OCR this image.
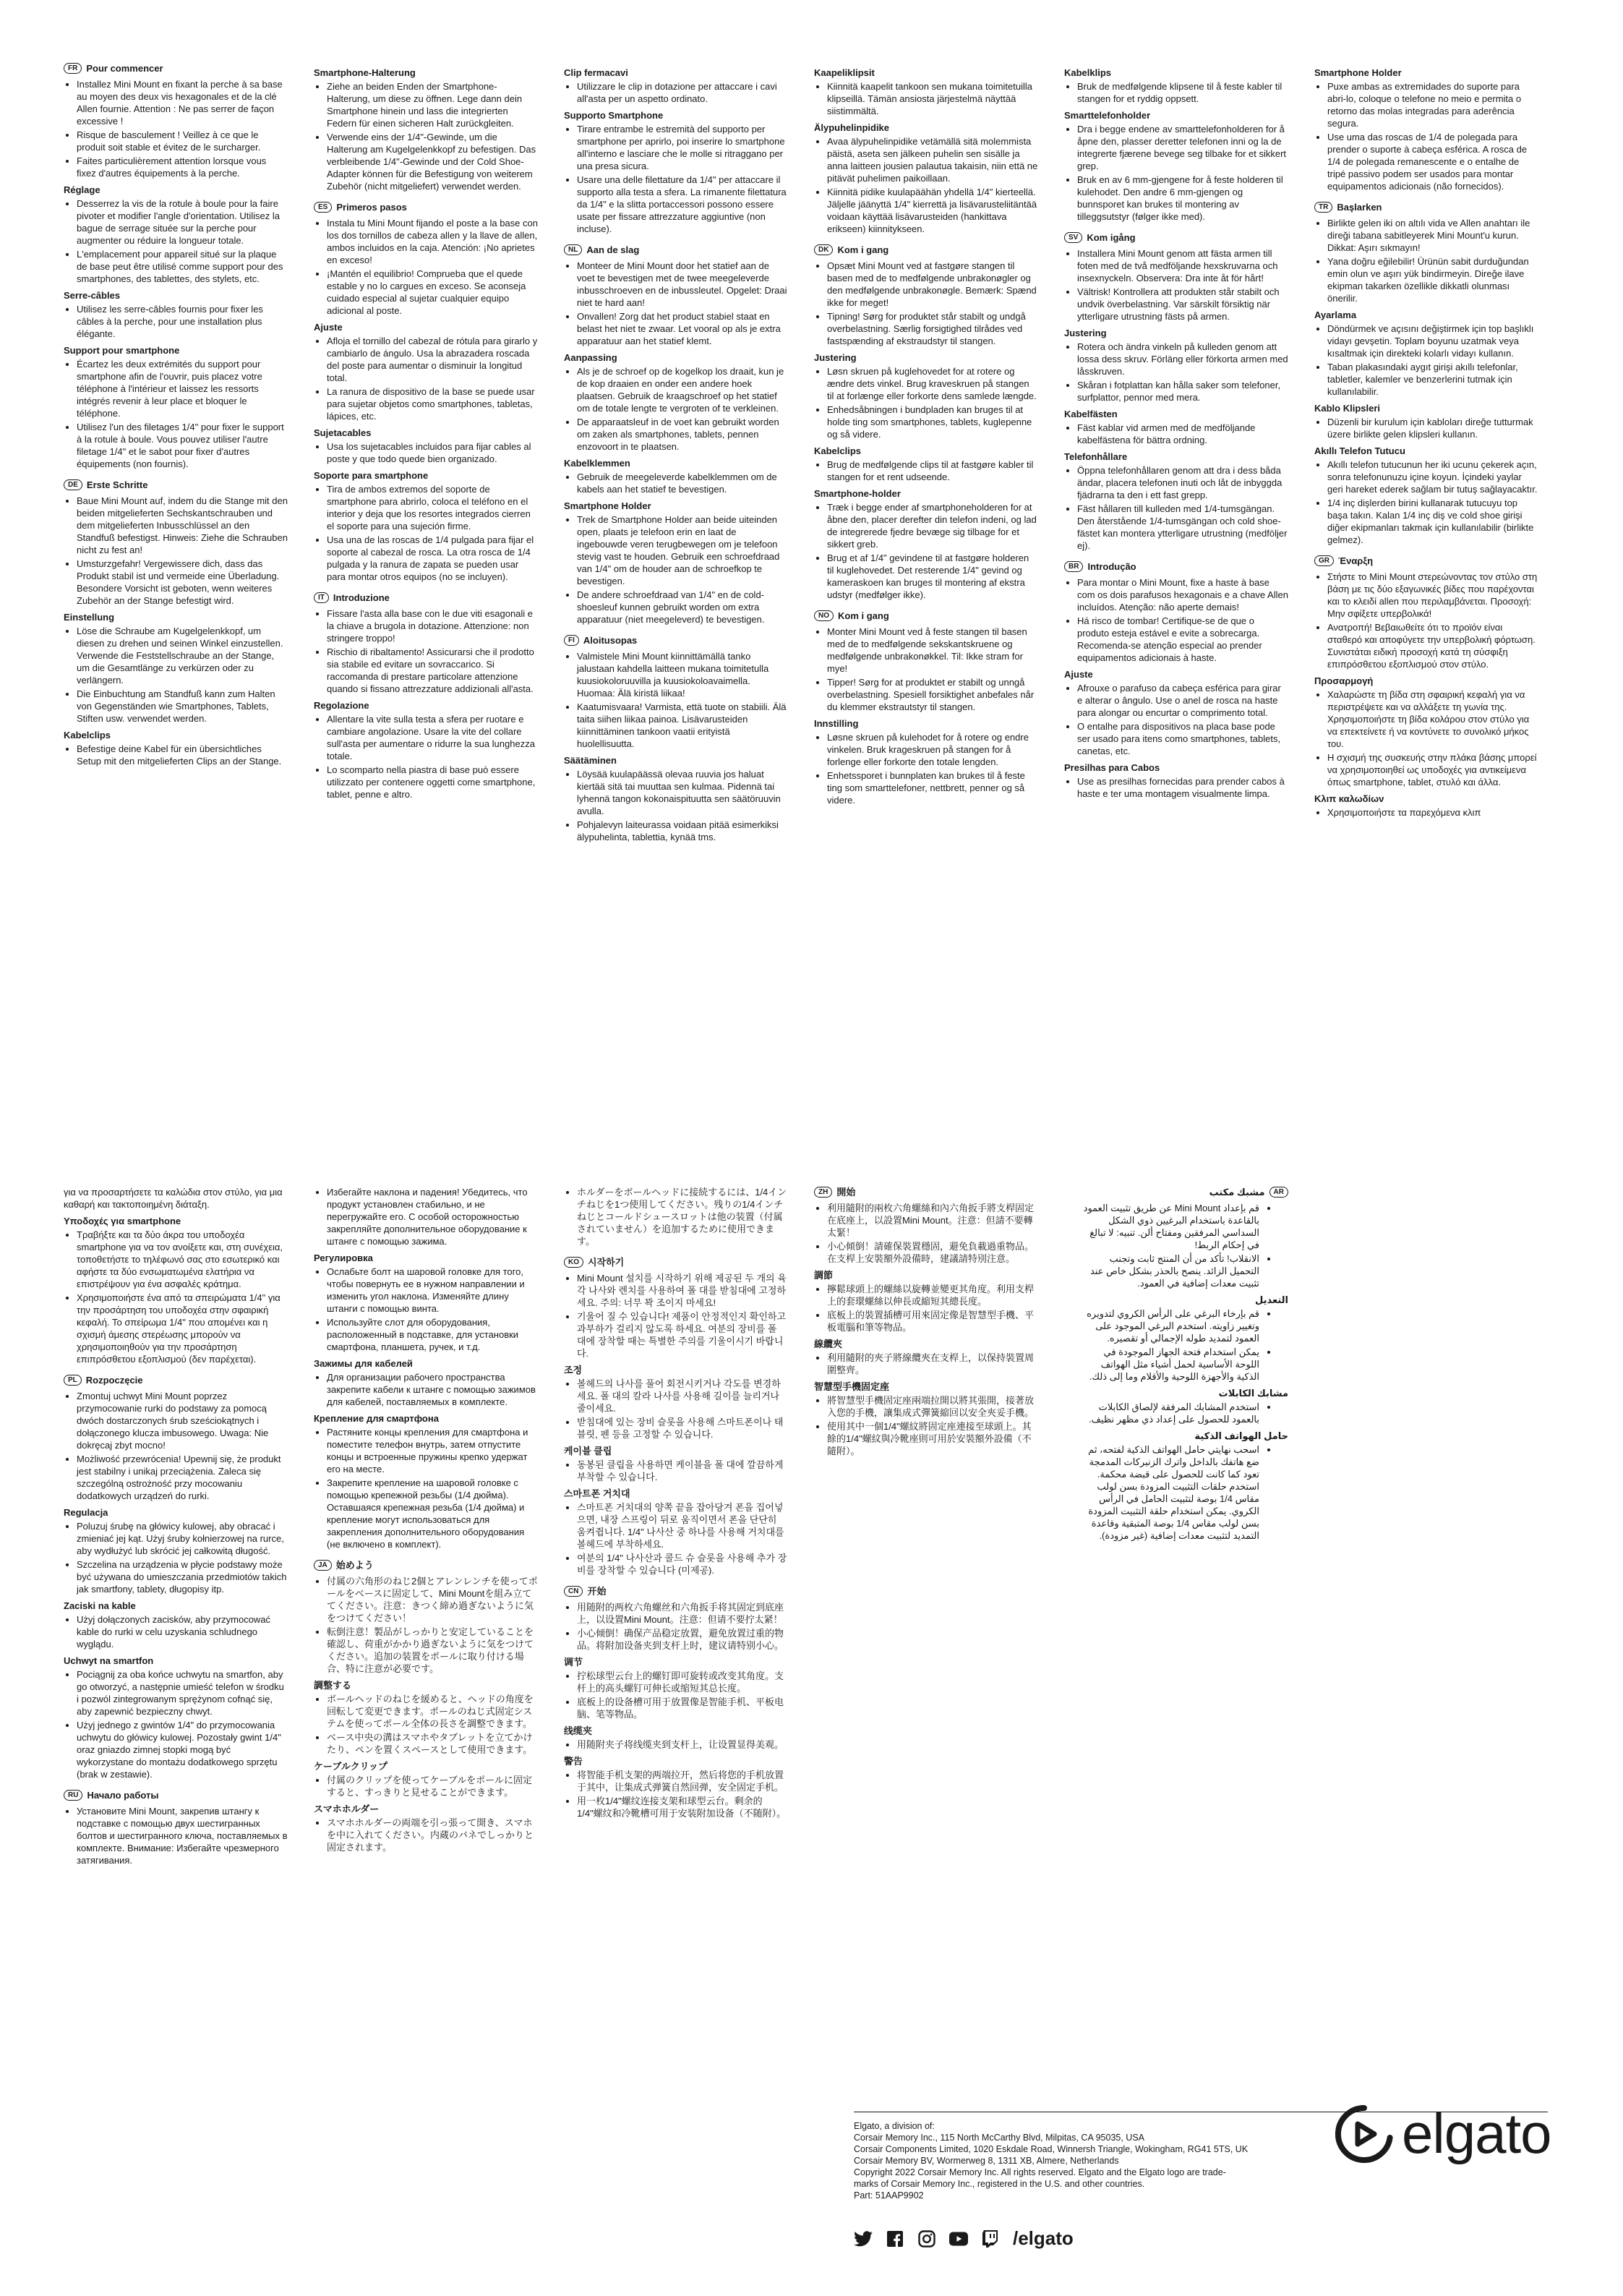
FR Pour commencer
• Installez Mini Mount en fixant la perche à sa base au moyen des deux vis hexagonales et de la clé Allen fournie. Attention : Ne pas serrer de façon excessive !
• Risque de basculement ! Veillez à ce que le produit soit stable et évitez de le surcharger.
• Faites particulièrement attention lorsque vous fixez d'autres équipements à la perche.
Réglage
• Desserrez la vis de la rotule à boule pour la faire pivoter et modifier l'angle d'orientation. Utilisez la bague de serrage située sur la perche pour augmenter ou réduire la longueur totale.
• L'emplacement pour appareil situé sur la plaque de base peut être utilisé comme support pour des smartphones, des tablettes, des stylets, etc.
Serre-câbles
• Utilisez les serre-câbles fournis pour fixer les câbles à la perche, pour une installation plus élégante.
Support pour smartphone
• Écartez les deux extrémités du support pour smartphone afin de l'ouvrir, puis placez votre téléphone à l'intérieur et laissez les ressorts intégrés revenir à leur place et bloquer le téléphone.
• Utilisez l'un des filetages 1/4" pour fixer le support à la rotule à boule. Vous pouvez utiliser l'autre filetage 1/4" et le sabot pour fixer d'autres équipements (non fournis).
DE Erste Schritte
• Baue Mini Mount auf, indem du die Stange mit den beiden mitgelieferten Sechskantschrauben und dem mitgelieferten Inbusschlüssel an den Standfuß befestigst. Hinweis: Ziehe die Schrauben nicht zu fest an!
• Umsturzgefahr! Vergewissere dich, dass das Produkt stabil ist und vermeide eine Überladung. Besondere Vorsicht ist geboten, wenn weiteres Zubehör an der Stange befestigt wird.
Einstellung
• Löse die Schraube am Kugelgelenkkopf, um diesen zu drehen und seinen Winkel einzustellen. Verwende die Feststellschraube an der Stange, um die Gesamtlänge zu verkürzen oder zu verlängern.
• Die Einbuchtung am Standfuß kann zum Halten von Gegenständen wie Smartphones, Tablets, Stiften usw. verwendet werden.
Kabelclips
• Befestige deine Kabel für ein übersichtliches Setup mit den mitgelieferten Clips an der Stange.
Smartphone-Halterung
• Ziehe an beiden Enden der Smartphone-Halterung, um diese zu öffnen. Lege dann dein Smartphone hinein und lass die integrierten Federn für einen sicheren Halt zurückgleiten.
• Verwende eins der 1/4"-Gewinde, um die Halterung am Kugelgelenkkopf zu befestigen. Das verbleibende 1/4"-Gewinde und der Cold Shoe-Adapter können für die Befestigung von weiterem Zubehör (nicht mitgeliefert) verwendet werden.
ES Primeros pasos
• Instala tu Mini Mount fijando el poste a la base con los dos tornillos de cabeza allen y la llave de allen, ambos incluidos en la caja. Atención: ¡No aprietes en exceso!
• ¡Mantén el equilibrio! Comprueba que el quede estable y no lo cargues en exceso. Se aconseja cuidado especial al sujetar cualquier equipo adicional al poste.
Ajuste
• Afloja el tornillo del cabezal de rótula para girarlo y cambiarlo de ángulo. Usa la abrazadera roscada del poste para aumentar o disminuir la longitud total.
• La ranura de dispositivo de la base se puede usar para sujetar objetos como smartphones, tabletas, lápices, etc.
Sujetacables
• Usa los sujetacables incluidos para fijar cables al poste y que todo quede bien organizado.
Soporte para smartphone
• Tira de ambos extremos del soporte de smartphone para abrirlo, coloca el teléfono en el interior y deja que los resortes integrados cierren el soporte para una sujeción firme.
• Usa una de las roscas de 1/4 pulgada para fijar el soporte al cabezal de rosca. La otra rosca de 1/4 pulgada y la ranura de zapata se pueden usar para montar otros equipos (no se incluyen).
IT Introduzione
• Fissare l'asta alla base con le due viti esagonali e la chiave a brugola in dotazione. Attenzione: non stringere troppo!
• Rischio di ribaltamento! Assicurarsi che il prodotto sia stabile ed evitare un sovraccarico. Si raccomanda di prestare particolare attenzione quando si fissano attrezzature addizionali all'asta.
Regolazione
• Allentare la vite sulla testa a sfera per ruotare e cambiare angolazione. Usare la vite del collare sull'asta per aumentare o ridurre la sua lunghezza totale.
• Lo scomparto nella piastra di base può essere utilizzato per contenere oggetti come smartphone, tablet, penne e altro.
Clip fermacavi
• Utilizzare le clip in dotazione per attaccare i cavi all'asta per un aspetto ordinato.
Supporto Smartphone
• Tirare entrambe le estremità del supporto per smartphone per aprirlo, poi inserire lo smartphone all'interno e lasciare che le molle si ritraggano per una presa sicura.
• Usare una delle filettature da 1/4" per attaccare il supporto alla testa a sfera. La rimanente filettatura da 1/4" e la slitta portaccessori possono essere usate per fissare attrezzature aggiuntive (non incluse).
NL Aan de slag
• Monteer de Mini Mount door het statief aan de voet te bevestigen met de twee meegeleverde inbusschroeven en de inbussleutel. Opgelet: Draai niet te hard aan!
• Onvallen! Zorg dat het product stabiel staat en belast het niet te zwaar. Let vooral op als je extra apparatuur aan het statief klemt.
Aanpassing
• Als je de schroef op de kogelkop los draait, kun je de kop draaien en onder een andere hoek plaatsen. Gebruik de kraagschroef op het statief om de totale lengte te vergroten of te verkleinen.
• De apparaatsleuf in de voet kan gebruikt worden om zaken als smartphones, tablets, pennen enzovoort in te plaatsen.
Kabelklemmen
• Gebruik de meegeleverde kabelklemmen om de kabels aan het statief te bevestigen.
Smartphone Holder
• Trek de Smartphone Holder aan beide uiteinden open, plaats je telefoon erin en laat de ingebouwde veren terugbewegen om je telefoon stevig vast te houden. Gebruik een schroefdraad van 1/4" om de houder aan de schroefkop te bevestigen.
• De andere schroefdraad van 1/4" en de cold-shoesleuf kunnen gebruikt worden om extra apparatuur (niet meegeleverd) te bevestigen.
FI Aloitusopas
• Valmistele Mini Mount kiinnittämällä tanko jalustaan kahdella laitteen mukana toimitetulla kuusiokoloruuvilla ja kuusiokoloavaimella. Huomaa: Älä kiristä liikaa!
• Kaatumisvaara! Varmista, että tuote on stabiili. Älä taita siihen liikaa painoa. Lisävarusteiden kiinnittäminen tankoon vaatii erityistä huolellisuutta.
Säätäminen
• Löysää kuulapäässä olevaa ruuvia jos haluat kiertää sitä tai muuttaa sen kulmaa. Pidennä tai lyhennä tangon kokonaispituutta sen säätöruuvin avulla.
• Pohjalevyn laiteurassa voidaan pitää esimerkiksi älypuhelinta, tablettia, kynää tms.
Kaapeliklipsit
• Kiinnitä kaapelit tankoon sen mukana toimitetuilla klipseillä. Tämän ansiosta järjestelmä näyttää siistimmältä.
Älypuhelinpidike
• Avaa älypuhelinpidike vetämällä sitä molemmista päistä, aseta sen jälkeen puhelin sen sisälle ja anna laitteen jousien palautua takaisin, niin että ne pitävät puhelimen paikoillaan.
• Kiinnitä pidike kuulapäähän yhdellä 1/4" kierteellä. Jäljelle jäänyttä 1/4" kierrettä ja lisävarusteliitäntää voidaan käyttää lisävarusteiden (hankittava erikseen) kiinnitykseen.
DK Kom i gang
• Opsæt Mini Mount ved at fastgøre stangen til basen med de to medfølgende unbrakonøgler og den medfølgende unbrakonøgle. Bemærk: Spænd ikke for meget!
• Tipning! Sørg for produktet står stabilt og undgå overbelastning. Særlig forsigtighed tilrådes ved fastspænding af ekstraudstyr til stangen.
Justering
• Løsn skruen på kuglehovedet for at rotere og ændre dets vinkel. Brug kraveskruen på stangen til at forlænge eller forkorte dens samlede længde.
• Enhedsåbningen i bundpladen kan bruges til at holde ting som smartphones, tablets, kuglepenne og så videre.
Kabelclips
• Brug de medfølgende clips til at fastgøre kabler til stangen for et rent udseende.
Smartphone-holder
• Træk i begge ender af smartphoneholderen for at åbne den, placer derefter din telefon indeni, og lad de integrerede fjedre bevæge sig tilbage for et sikkert greb.
• Brug et af 1/4" gevindene til at fastgøre holderen til kuglehovedet. Det resterende 1/4" gevind og kameraskoen kan bruges til montering af ekstra udstyr (medfølger ikke).
NO Kom i gang
• Monter Mini Mount ved å feste stangen til basen med de to medfølgende sekskantskruene og medfølgende unbrakonøkkel. Til: Ikke stram for mye!
• Tipper! Sørg for at produktet er stabilt og unngå overbelastning. Spesiell forsiktighet anbefales når du klemmer ekstrautstyr til stangen.
Innstilling
• Løsne skruen på kulehodet for å rotere og endre vinkelen. Bruk krageskruen på stangen for å forlenge eller forkorte den totale lengden.
• Enhetssporet i bunnplaten kan brukes til å feste ting som smarttelefoner, nettbrett, penner og så videre.
Kabelklips
• Bruk de medfølgende klipsene til å feste kabler til stangen for et ryddig oppsett.
Smarttelefonholder
• Dra i begge endene av smarttelefonholderen for å åpne den, plasser deretter telefonen inni og la de integrerte fjærene bevege seg tilbake for et sikkert grep.
• Bruk en av 6 mm-gjengene for å feste holderen til kulehodet. Den andre 6 mm-gjengen og bunnsporet kan brukes til montering av tilleggsutstyr (følger ikke med).
SV Kom igång
• Installera Mini Mount genom att fästa armen till foten med de två medföljande hexskruvarna och insexnyckeln. Observera: Dra inte åt för hårt!
• Vältrisk! Kontrollera att produkten står stabilt och undvik överbelastning. Var särskilt försiktig när ytterligare utrustning fästs på armen.
Justering
• Rotera och ändra vinkeln på kulleden genom att lossa dess skruv. Förläng eller förkorta armen med låsskruven.
• Skåran i fotplattan kan hålla saker som telefoner, surfplattor, pennor med mera.
Kabelfästen
• Fäst kablar vid armen med de medföljande kabelfästena för bättra ordning.
Telefonhållare
• Öppna telefonhållaren genom att dra i dess båda ändar, placera telefonen inuti och låt de inbyggda fjädrarna ta den i ett fast grepp.
• Fäst hållaren till kulleden med 1/4-tumsgängan. Den återstående 1/4-tumsgängan och cold shoe-fästet kan montera ytterligare utrustning (medföljer ej).
BR Introdução
• Para montar o Mini Mount, fixe a haste à base com os dois parafusos hexagonais e a chave Allen incluídos. Atenção: não aperte demais!
• Há risco de tombar! Certifique-se de que o produto esteja estável e evite a sobrecarga. Recomenda-se atenção especial ao prender equipamentos adicionais à haste.
Ajuste
• Afrouxe o parafuso da cabeça esférica para girar e alterar o ângulo. Use o anel de rosca na haste para alongar ou encurtar o comprimento total.
• O entalhe para dispositivos na placa base pode ser usado para itens como smartphones, tablets, canetas, etc.
Presilhas para Cabos
• Use as presilhas fornecidas para prender cabos à haste e ter uma montagem visualmente limpa.
Smartphone Holder
• Puxe ambas as extremidades do suporte para abri-lo, coloque o telefone no meio e permita o retorno das molas integradas para aderência segura.
• Use uma das roscas de 1/4 de polegada para prender o suporte à cabeça esférica. A rosca de 1/4 de polegada remanescente e o entalhe de tripé passivo podem ser usados para montar equipamentos adicionais (não fornecidos).
TR Başlarken
• Birlikte gelen iki on altılı vida ve Allen anahtarı ile direği tabana sabitleyerek Mini Mount'u kurun. Dikkat: Aşırı sıkmayın!
• Yana doğru eğilebilir! Ürünün sabit durduğundan emin olun ve aşırı yük bindirmeyin. Direğe ilave ekipman takarken özellikle dikkatli olunması önerilir.
Ayarlama
• Döndürmek ve açısını değiştirmek için top başlıklı vidayı gevşetin. Toplam boyunu uzatmak veya kısaltmak için direkteki kolarlı vidayı kullanın.
• Taban plakasındaki aygıt girişi akıllı telefonlar, tabletler, kalemler ve benzerlerini tutmak için kullanılabilir.
Kablo Klipsleri
• Düzenli bir kurulum için kabloları direğe tutturmak üzere birlikte gelen klipsleri kullanın.
Akıllı Telefon Tutucu
• Akıllı telefon tutucunun her iki ucunu çekerek açın, sonra telefonunuzu içine koyun. İçindeki yaylar geri hareket ederek sağlam bir tutuş sağlayacaktır.
• 1/4 inç dişlerden birini kullanarak tutucuyu top başa takın. Kalan 1/4 inç diş ve cold shoe girişi diğer ekipmanları takmak için kullanılabilir (birlikte gelmez).
GR Έναρξη
• Στήστε το Mini Mount στερεώνοντας τον στύλο στη βάση με τις δύο εξαγωνικές βίδες που παρέχονται και το κλειδί allen που περιλαμβάνεται. Προσοχή: Μην σφίξετε υπερβολικά!
• Ανατροπή! Βεβαιωθείτε ότι το προϊόν είναι σταθερό και αποφύγετε την υπερβολική φόρτωση. Συνιστάται ειδική προσοχή κατά τη σύσφιξη επιπρόσθετου εξοπλισμού στον στύλο.
Προσαρμογή
• Χαλαρώστε τη βίδα στη σφαιρική κεφαλή για να περιστρέψετε και να αλλάξετε τη γωνία της. Χρησιμοποιήστε τη βίδα κολάρου στον στύλο για να επεκτείνετε ή να κοντύνετε το συνολικό μήκος του.
• Η σχισμή της συσκευής στην πλάκα βάσης μπορεί να χρησιμοποιηθεί ως υποδοχές για αντικείμενα όπως smartphone, tablet, στυλό και άλλα.
Κλιπ καλωδίων
• Χρησιμοποιήστε τα παρεχόμενα κλιπ

για να προσαρτήσετε τα καλώδια στον στύλο, για μια καθαρή και τακτοποιημένη διάταξη.

Υποδοχές για smartphone
• Τραβήξτε και τα δύο άκρα του υποδοχέα smartphone για να τον ανοίξετε και, στη συνέχεια, τοποθετήστε το τηλέφωνό σας στο εσωτερικό και αφήστε τα δύο ενσωματωμένα ελατήρια να επιστρέψουν για ένα ασφαλές κράτημα.
• Χρησιμοποιήστε ένα από τα σπειρώματα 1/4" για την προσάρτηση του υποδοχέα στην σφαιρική κεφαλή. Το σπείρωμα 1/4" που απομένει και η σχισμή άμεσης στερέωσης μπορούν να χρησιμοποιηθούν για την προσάρτηση επιπρόσθετου εξοπλισμού (δεν παρέχεται).
PL Rozpoczęcie
• Zmontuj uchwyt Mini Mount poprzez przymocowanie rurki do podstawy za pomocą dwóch dostarczonych śrub sześciokątnych i dołączonego klucza imbusowego. Uwaga: Nie dokręcaj zbyt mocno!
• Możliwość przewrócenia! Upewnij się, że produkt jest stabilny i unikaj przeciążenia. Zaleca się szczególną ostrożność przy mocowaniu dodatkowych urządzeń do rurki.
Regulacja
• Poluzuj śrubę na główicy kulowej, aby obracać i zmieniać jej kąt. Użyj śruby kołnierzowej na rurce, aby wydłużyć lub skrócić jej całkowitą długość.
• Szczelina na urządzenia w płycie podstawy może być używana do umieszczania przedmiotów takich jak smartfony, tablety, długopisy itp.
Zaciski na kable
• Użyj dołączonych zacisków, aby przymocować kable do rurki w celu uzyskania schludnego wyglądu.
Uchwyt na smartfon
• Pociągnij za oba końce uchwytu na smartfon, aby go otworzyć, a następnie umieść telefon w środku i pozwól zintegrowanym sprężynom cofnąć się, aby zapewnić bezpieczny chwyt.
• Użyj jednego z gwintów 1/4" do przymocowania uchwytu do główicy kulowej. Pozostały gwint 1/4" oraz gniazdo zimnej stopki mogą być wykorzystane do montażu dodatkowego sprzętu (brak w zestawie).
RU Начало работы
• Установите Mini Mount, закрепив штангу к подставке с помощью двух шестигранных болтов и шестигранного ключа, поставляемых в комплекте. Внимание: Избегайте чрезмерного затягивания.
• Избегайте наклона и падения! Убедитесь, что продукт установлен стабильно, и не перегружайте его. С особой осторожностью закрепляйте дополнительное оборудование к штанге с помощью зажима.
Регулировка
• Ослабьте болт на шаровой головке для того, чтобы повернуть ее в нужном направлении и изменить угол наклона. Изменяйте длину штанги с помощью винта.
• Используйте слот для оборудования, расположенный в подставке, для установки смартфона, планшета, ручек, и т.д.
Зажимы для кабелей
• Для организации рабочего пространства закрепите кабели к штанге с помощью зажимов для кабелей, поставляемых в комплекте.
Крепление для смартфона
• Растяните концы крепления для смартфона и поместите телефон внутрь, затем отпустите концы и встроенные пружины крепко удержат его на месте.
• Закрепите крепление на шаровой головке с помощью крепежной резьбы (1/4 дюйма). Оставшаяся крепежная резьба (1/4 дюйма) и крепление могут использоваться для закрепления дополнительного оборудования (не включено в комплект).
JA 始めよう
• 付属の六角形のねじ2個とアレンレンチを使ってポールをベースに固定して、Mini Mountを組み立ててください。注意：きつく締め過ぎないように気をつけてください！
• 転倒注意！製品がしっかりと安定していることを確認し、荷重がかかり過ぎないように気をつけてください。追加の装置をポールに取り付ける場合、特に注意が必要です。
調整する
• ボールヘッドのねじを緩めると、ヘッドの角度を回転して変更できます。ポールのねじ式固定システムを使ってポール全体の長さを調整できます。
• ベース中央の溝はスマホやタブレットを立てかけたり、ペンを置くスペースとして使用できます。
ケーブルクリップ
• 付属のクリップを使ってケーブルをポールに固定すると、すっきりと見せることができます。
スマホホルダー
• スマホホルダーの両端を引っ張って開き、スマホを中に入れてください。内蔵のバネでしっかりと固定されます。
• ホルダーをボールヘッドに接続するには、1/4インチねじを1つ使用してください。残りの1/4インチねじとコールドシュースロットは他の装置（付属されていません）を追加するために使用できます。
KO 시작하기
• Mini Mount 설치를 시작하기 위해 제공된 두 개의 육각 나사와 렌치를 사용하여 폴 대를 받침대에 고정하세요. 주의: 너무 꽉 조이지 마세요!
• 기울어 질 수 있습니다! 제품이 안정적인지 확인하고 과부하가 걸리지 않도록 하세요. 여분의 장비를 폴 대에 장착할 때는 특별한 주의를 기울이시기 바랍니다.
조정
• 볼헤드의 나사를 풀어 회전시키거나 각도를 변경하세요. 폴 대의 칼라 나사를 사용해 길이를 늘리거나 줄이세요.
• 받침대에 있는 장비 슬롯을 사용해 스마트폰이나 태블릿, 펜 등을 고정할 수 있습니다.
케이블 클립
• 동봉된 클립을 사용하면 케이블을 폴 대에 깔끔하게 부착할 수 있습니다.
스마트폰 거치대
• 스마트폰 거치대의 양쪽 끝을 잡아당겨 폰을 집어넣으면, 내장 스프링이 뒤로 움직이면서 폰을 단단히 움켜쥡니다. 1/4" 나사산 중 하나를 사용해 거치대를 볼헤드에 부착하세요.
• 여분의 1/4" 나사산과 콜드 슈 슬롯을 사용해 추가 장비를 장착할 수 있습니다 (미제공).
CN 开始
• 用随附的两枚六角螺丝和六角扳手将其固定到底座上，以设置Mini Mount。注意：但请不要拧太紧！
• 小心倾倒！确保产品稳定放置，避免放置过重的物品。将附加设备夹到支杆上时，建议请特别小心。
调节
• 拧松球型云台上的螺钉即可旋转或改变其角度。支杆上的高头螺钉可伸长或缩短其总长度。
• 底板上的设备槽可用于放置像是智能手机、平板电脑、笔等物品。
线缆夹
• 用随附夹子将线缆夹到支杆上，让设置显得美观。
警告
• 将智能手机支架的两端拉开，然后将您的手机放置于其中，让集成式弹簧自然回弹，安全固定手机。
• 用一枚1/4"螺纹连接支架和球型云台。剩余的1/4"螺纹和冷靴槽可用于安装附加设备（不随附）。
ZH 開始
• 利用隨附的兩枚六角螺絲和內六角扳手將支桿固定在底座上，以設置Mini Mount。注意：但請不要轉太緊！
• 小心傾倒！請確保裝置穩固，避免負載過重物品。在支桿上安裝額外設備時，建議請特別注意。
調節
• 擰鬆球頭上的螺絲以旋轉並變更其角度。利用支桿上的套環螺絲以伸長或縮短其總長度。
• 底板上的裝置插槽可用來固定像是智慧型手機、平板電腦和筆等物品。
線纜夾
• 利用隨附的夾子將線纜夾在支桿上，以保持裝置周圍整齊。
智慧型手機固定座
• 將智慧型手機固定座兩端拉開以將其張開，接著放入您的手機，讓集成式彈簧縮回以安全夾妥手機。
• 使用其中一個1/4"螺紋將固定座連接至球頭上。其餘的1/4"螺紋與冷靴座則可用於安裝額外設備（不隨附）。
AR
مشبك مكتب
• قم بإعداد Mini Mount عن طريق تثبيت العمود بالقاعدة باستخدام البرغيين ذوي الشكل السداسي المرفقين ومفتاح ألن. تنبيه: لا تبالغ في إحكام الربط!
• الانقلاب! تأكد من أن المنتج ثابت وتجنب التحميل الزائد. ينصح بالحذر بشكل خاص عند تثبيت معدات إضافية في العمود.
التعديل
• قم بإرخاء البرغي على الرأس الكروي لتدويره وتغيير زاويته. استخدم البرغي الموجود على العمود لتمديد طوله الإجمالي أو تقصيره.
• يمكن استخدام فتحة الجهاز الموجودة في اللوحة الأساسية لحمل أشياء مثل الهواتف الذكية والأجهزة اللوحية والأقلام وما إلى ذلك.
مشابك الكابلات
• استخدم المشابك المرفقة لإلصاق الكابلات بالعمود للحصول على إعداد ذي مظهر نظيف.
حامل الهواتف الذكية
• اسحب نهايتي حامل الهواتف الذكية لفتحه، ثم ضع هاتفك بالداخل واترك الزنبركات المدمجة تعود كما كانت للحصول على قبضة محكمة. استخدم حلقات التثبيت المزودة بسن لولب مقاس 1/4 بوصة لتثبيت الحامل في الرأس الكروي. يمكن استخدام حلقة التثبيت المزودة بسن لولب مقاس 1/4 بوصة المتبقية وقاعدة التمديد لتثبيت معدات إضافية (غير مزودة).

Elgato, a division of:

Corsair Memory Inc., 115 North McCarthy Blvd, Milpitas, CA 95035, USA

Corsair Components Limited, 1020 Eskdale Road, Winnersh Triangle, Wokingham, RG41 5TS, UK

Corsair Memory BV, Wormerweg 8, 1311 XB, Almere, Netherlands

Copyright 2022 Corsair Memory Inc. All rights reserved. Elgato and the Elgato logo are trade-

marks of Corsair Memory Inc., registered in the U.S. and other countries.

Part: 51AAP9902

/elgato
elgato
